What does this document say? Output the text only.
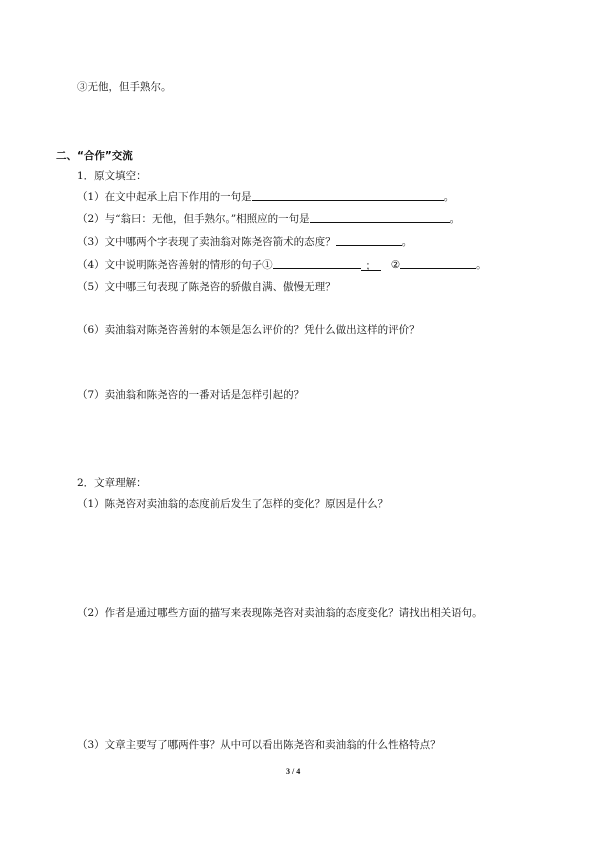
③无他，但手熟尔。
二、“合作”交流
1．原文填空：
（1）在文中起承上启下作用的一句是	。
（2）与“翁曰：无他，但手熟尔。”相照应的一句是	。
（3）文中哪两个字表现了卖油翁对陈尧咨箭术的态度？	。
（4）文中说明陈尧咨善射的情形的句子①	； ②	。
（5）文中哪三句表现了陈尧咨的骄傲自满、傲慢无理？
（6）卖油翁对陈尧咨善射的本领是怎么评价的？凭什么做出这样的评价？
（7）卖油翁和陈尧咨的一番对话是怎样引起的？
2．文章理解：
（1）陈尧咨对卖油翁的态度前后发生了怎样的变化？原因是什么？
（2）作者是通过哪些方面的描写来表现陈尧咨对卖油翁的态度变化？请找出相关语句。
（3）文章主要写了哪两件事？从中可以看出陈尧咨和卖油翁的什么性格特点？
3 / 4
